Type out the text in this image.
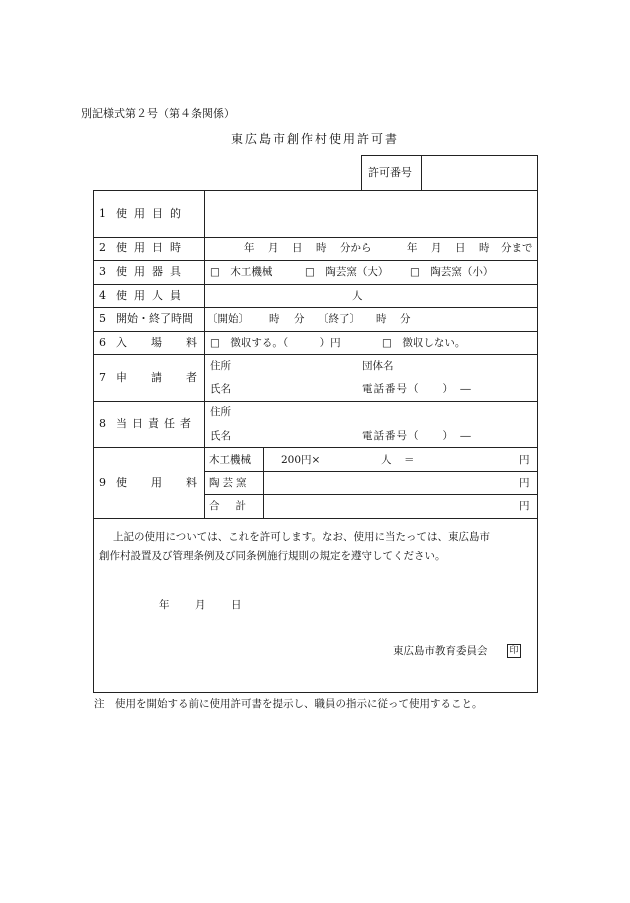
別記様式第２号（第４条関係）
東広島市創作村使用許可書
許可番号
1 使用目的
2 使用日時	年 月 日 時 分から	年 月 日 時 分まで
3 使用器具 □　木工機械	□　陶芸窯（大） □　陶芸窯（小）
4 使用人員	人
5 開始・終了時間 〔開始〕 時 分 〔終了〕 時 分
6 入場料
□　徴収する。（　　　）円	□　徴収しない。
7 申請者
住所	団体名
氏名	電話番号（　　）　―
8 当日責任者
住所
氏名	電話番号（　　）　―
9 使用料
木工機械	200円×	人 ＝	円
陶芸窯	円
合計	円
上記の使用については、これを許可します。なお、使用に当たっては、東広島市
創作村設置及び管理条例及び同条例施行規則の規定を遵守してください。
年 月 日
東広島市教育委員会 印
注　使用を開始する前に使用許可書を提示し、職員の指示に従って使用すること。
